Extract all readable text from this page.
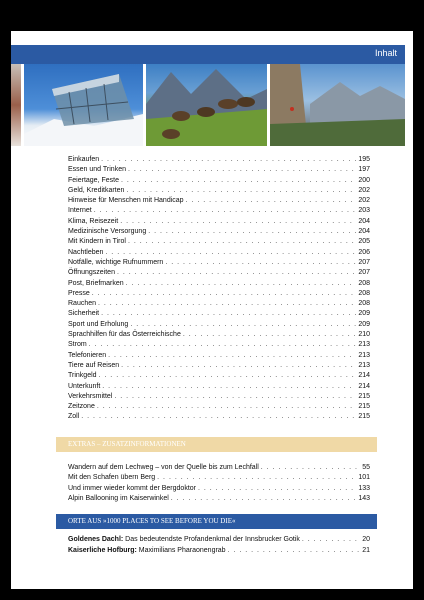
Inhalt
Einkaufen . . .	195
Essen und Trinken . . .	197
Feiertage, Feste . . .	200
Geld, Kreditkarten . . .	202
Hinweise für Menschen mit Handicap . . .	202
Internet . . .	203
Klima, Reisezeit . . .	204
Medizinische Versorgung . . .	204
Mit Kindern in Tirol . . .	205
Nachtleben . . .	206
Notfälle, wichtige Rufnummern . . .	207
Öffnungszeiten . . .	207
Post, Briefmarken . . .	208
Presse . . .	208
Rauchen . . .	208
Sicherheit . . .	209
Sport und Erholung . . .	209
Sprachhilfen für das Österreichische . . .	210
Strom . . .	213
Telefonieren . . .	213
Tiere auf Reisen . . .	213
Trinkgeld . . .	214
Unterkunft . . .	214
Verkehrsmittel . . .	215
Zeitzone . . .	215
Zoll . . .	215
EXTRAS – ZUSATZINFORMATIONEN
Wandern auf dem Lechweg – von der Quelle bis zum Lechfall . . .	55
Mit den Schafen übern Berg . . .	101
Und immer wieder kommt der Bergdoktor . . .	133
Alpin Ballooning im Kaiserwinkel . . .	143
ORTE AUS »1000 PLACES TO SEE BEFORE YOU DIE«
Goldenes Dachl: Das bedeutendste Profandenkmal der Innsbrucker Gotik . . .	20
Kaiserliche Hofburg: Maximilians Pharaonengrab . . .	21
